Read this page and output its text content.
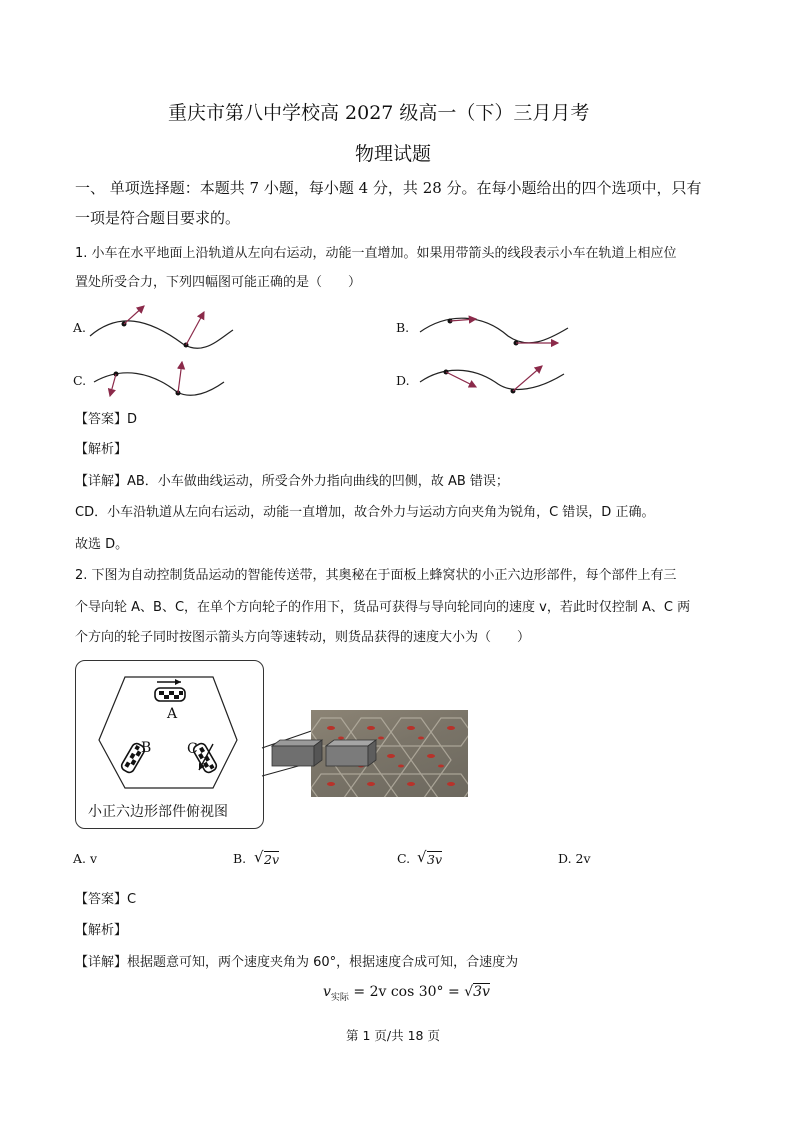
重庆市第八中学校高 2027 级高一（下）三月月考
物理试题
一、 单项选择题：本题共 7 小题，每小题 4 分，共 28 分。在每小题给出的四个选项中，只有
一项是符合题目要求的。
1. 小车在水平地面上沿轨道从左向右运动，动能一直增加。如果用带箭头的线段表示小车在轨道上相应位
置处所受合力，下列四幅图可能正确的是（　　）
A.	B.
C.	D.
【答案】D
【解析】
【详解】AB．小车做曲线运动，所受合外力指向曲线的凹侧，故 AB 错误；
CD．小车沿轨道从左向右运动，动能一直增加，故合外力与运动方向夹角为锐角，C 错误，D 正确。
故选 D。
2. 下图为自动控制货品运动的智能传送带，其奥秘在于面板上蜂窝状的小正六边形部件，每个部件上有三
个导向轮 A、B、C，在单个方向轮子的作用下，货品可获得与导向轮同向的速度 v，若此时仅控制 A、C 两
个方向的轮子同时按图示箭头方向等速转动，则货品获得的速度大小为（　　）
A
B	C
小正六边形部件俯视图
A. v	B. √ 2v	C. √ 3v	D. 2v
【答案】C
【解析】
【详解】根据题意可知，两个速度夹角为 60°，根据速度合成可知，合速度为
$v_{实际} = 2v$ cos 30° = √3v
第 1 页/共 18 页
